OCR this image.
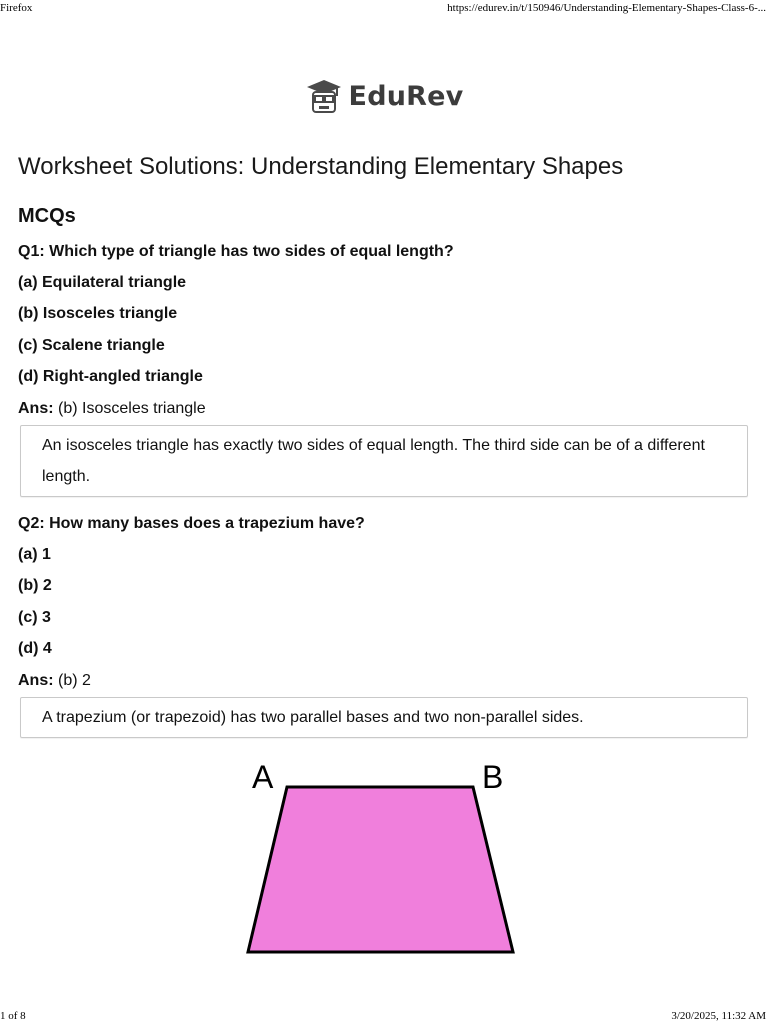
Firefox	https://edurev.in/t/150946/Understanding-Elementary-Shapes-Class-6-...
EduRev
Worksheet Solutions: Understanding Elementary Shapes
MCQs
Q1: Which type of triangle has two sides of equal length?
(a) Equilateral triangle
(b) Isosceles triangle
(c) Scalene triangle
(d) Right-angled triangle
Ans: (b) Isosceles triangle
An isosceles triangle has exactly two sides of equal length. The third side can be of a different length.
Q2: How many bases does a trapezium have?
(a) 1
(b) 2
(c) 3
(d) 4
Ans: (b) 2
A trapezium (or trapezoid) has two parallel bases and two non-parallel sides.
A	B
1 of 8	3/20/2025, 11:32 AM
